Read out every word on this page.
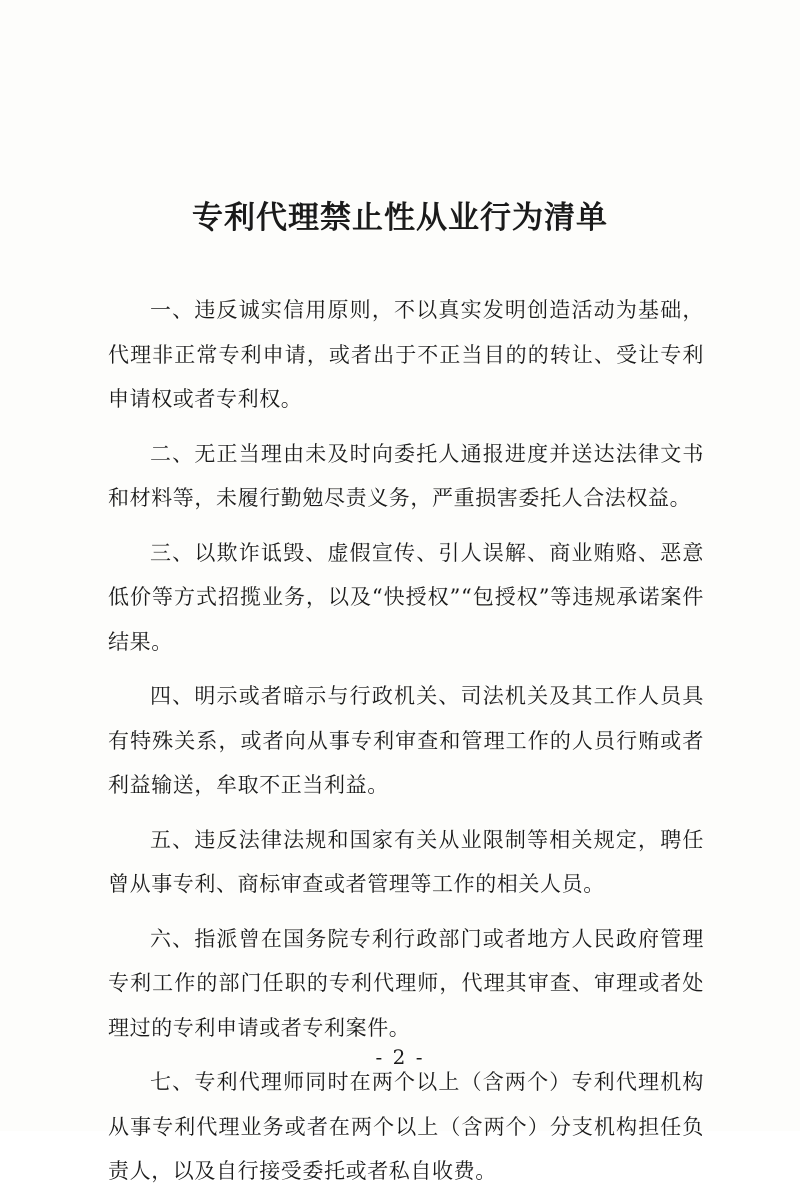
专利代理禁止性从业行为清单

一、违反诚实信用原则，不以真实发明创造活动为基础，代理非正常专利申请，或者出于不正当目的的转让、受让专利申请权或者专利权。

二、无正当理由未及时向委托人通报进度并送达法律文书和材料等，未履行勤勉尽责义务，严重损害委托人合法权益。

三、以欺诈诋毁、虚假宣传、引人误解、商业贿赂、恶意低价等方式招揽业务，以及“快授权”“包授权”等违规承诺案件结果。

四、明示或者暗示与行政机关、司法机关及其工作人员具有特殊关系，或者向从事专利审查和管理工作的人员行贿或者利益输送，牟取不正当利益。

五、违反法律法规和国家有关从业限制等相关规定，聘任曾从事专利、商标审查或者管理等工作的相关人员。

六、指派曾在国务院专利行政部门或者地方人民政府管理专利工作的部门任职的专利代理师，代理其审查、审理或者处理过的专利申请或者专利案件。

七、专利代理师同时在两个以上（含两个）专利代理机构从事专利代理业务或者在两个以上（含两个）分支机构担任负责人，以及自行接受委托或者私自收费。

- 2 -
